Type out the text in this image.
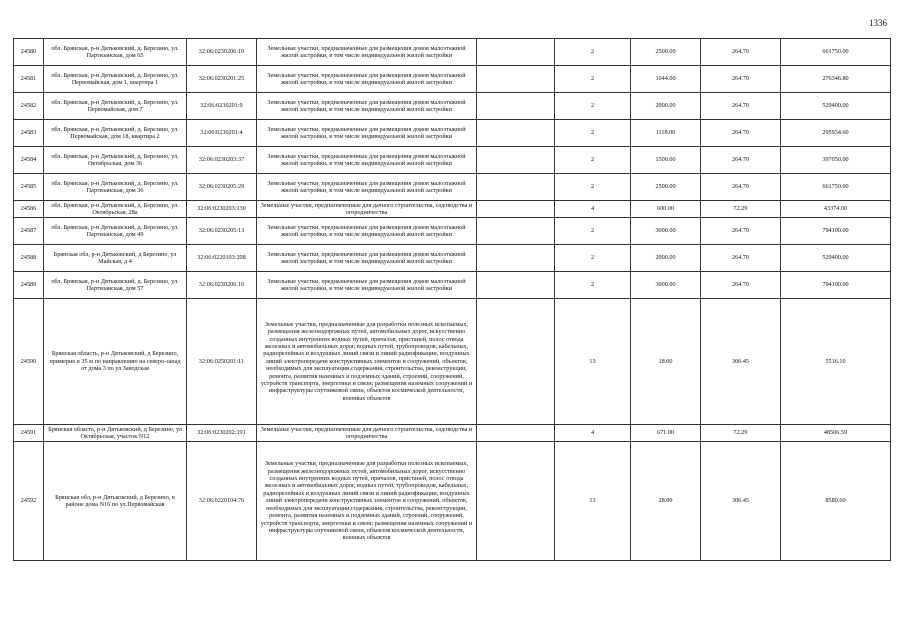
1336
24580	обл. Брянская, р-н Дятьковский, д. Березино, ул. Партизанская, дом 65	32:06:0230206:10	Земельные участки, предназначенные для размещения домов малоэтажной жилой застройки, в том числе индивидуальной жилой застройки		2	2500.00	264.70	661750.00
24581	обл. Брянская, р-н Дятьковский, д. Березино, ул. Первомайская, дом 1, квартира 1	32:06:0230201:25	Земельные участки, предназначенные для размещения домов малоэтажной жилой застройки, в том числе индивидуальной жилой застройки		2	1044.00	264.70	276346.80
24582	обл. Брянская, р-н Дятьковский, д. Березино, ул. Первомайская, дом 7	32:06:0230201:9	Земельные участки, предназначенные для размещения домов малоэтажной жилой застройки, в том числе индивидуальной жилой застройки		2	2000.00	264.70	529400.00
24583	обл. Брянская, р-н Дятьковский, д. Березино, ул. Первомайская, дом 18, квартира 2	32:06:0230201:4	Земельные участки, предназначенные для размещения домов малоэтажной жилой застройки, в том числе индивидуальной жилой застройки		2	1118.00	264.70	295934.60
24584	обл. Брянская, р-н Дятьковский, д. Березино, ул. Октябрьская, дом 36	32:06:0230203:37	Земельные участки, предназначенные для размещения домов малоэтажной жилой застройки, в том числе индивидуальной жилой застройки		2	1500.00	264.70	397050.00
24585	обл. Брянская, р-н Дятьковский, д. Березино, ул. Партизанская, дом 36	32:06:0230205:29	Земельные участки, предназначенные для размещения домов малоэтажной жилой застройки, в том числе индивидуальной жилой застройки		2	2500.00	264.70	661750.00
24586	обл. Брянская, р-н Дятьковский, д. Березино, ул. Октябрьская, 28а	32:06:0230203:130	Земельные участки, предназначенные для дачного строительства, садоводства и огородничества		4	600.00	72.29	43374.00
24587	обл. Брянская, р-н Дятьковский, д. Березино, ул. Партизанская, дом 49	32:06:0230205:13	Земельные участки, предназначенные для размещения домов малоэтажной жилой застройки, в том числе индивидуальной жилой застройки		2	3000.00	264.70	794100.00
24588	Брянская обл, р-н Дятьковский, д Березино, ул Майская, д 4	32:06:0220103:208	Земельные участки, предназначенные для размещения домов малоэтажной жилой застройки, в том числе индивидуальной жилой застройки		2	2000.00	264.70	529400.00
24589	обл. Брянская, р-н Дятьковский, д. Березино, ул. Партизанская, дом 57	32:06:0230206:16	Земельные участки, предназначенные для размещения домов малоэтажной жилой застройки, в том числе индивидуальной жилой застройки		2	3000.00	264.70	794100.00
24590	Брянская область, р-н Дятьковский, д Березино, примерно в 35 м по направлению на северо-запад от дома 3 по ул Заводская	32:06:0250201:11	Земельные участки, предназначенные для разработки полезных ископаемых, размещения железнодорожных путей, автомобильных дорог, искусственно созданных внутренних водных путей, причалов, пристаней, полос отвода железных и автомобильных дорог, водных путей, трубопроводов, кабельных, радиорелейных и воздушных линий связи и линий радиофикации, воздушных линий электропередачи конструктивных элементов и сооружений, объектов, необходимых для эксплуатации,содержания, строительства, реконструкции, ремонта, развития наземных и подземных зданий, строений, сооружений, устройств транспорта, энергетики и связи; размещения наземных сооружений и инфраструктуры спутниковой связи, объектов космической деятельности, военных объектов		13	18.00	306.45	5516.10
24591	Брянская область, р-н Дятьковский, д Березино, ул Октябрьская, участок N12	32:06:0230202:191	Земельные участки, предназначенные для дачного строительства, садоводства и огородничества		4	671.00	72.29	48506.59
24592	Брянская обл, р-н Дятьковский, д Березино, в районе дома N16 по ул.Первомайская	32:06:0220104:76	Земельные участки, предназначенные для разработки полезных ископаемых, размещения железнодорожных путей, автомобильных дорог, искусственно созданных внутренних водных путей, причалов, пристаней, полос отвода железных и автомобильных дорог, водных путей, трубопроводов, кабельных, радиорелейных и воздушных линий связи и линий радиофикации, воздушных линий электропередачи конструктивных элементов и сооружений, объектов, необходимых для эксплуатации,содержания, строительства, реконструкции, ремонта, развития наземных и подземных зданий, строений, сооружений, устройств транспорта, энергетики и связи; размещения наземных сооружений и инфраструктуры спутниковой связи, объектов космической деятельности, военных объектов		13	28.00	306.45	8580.60
